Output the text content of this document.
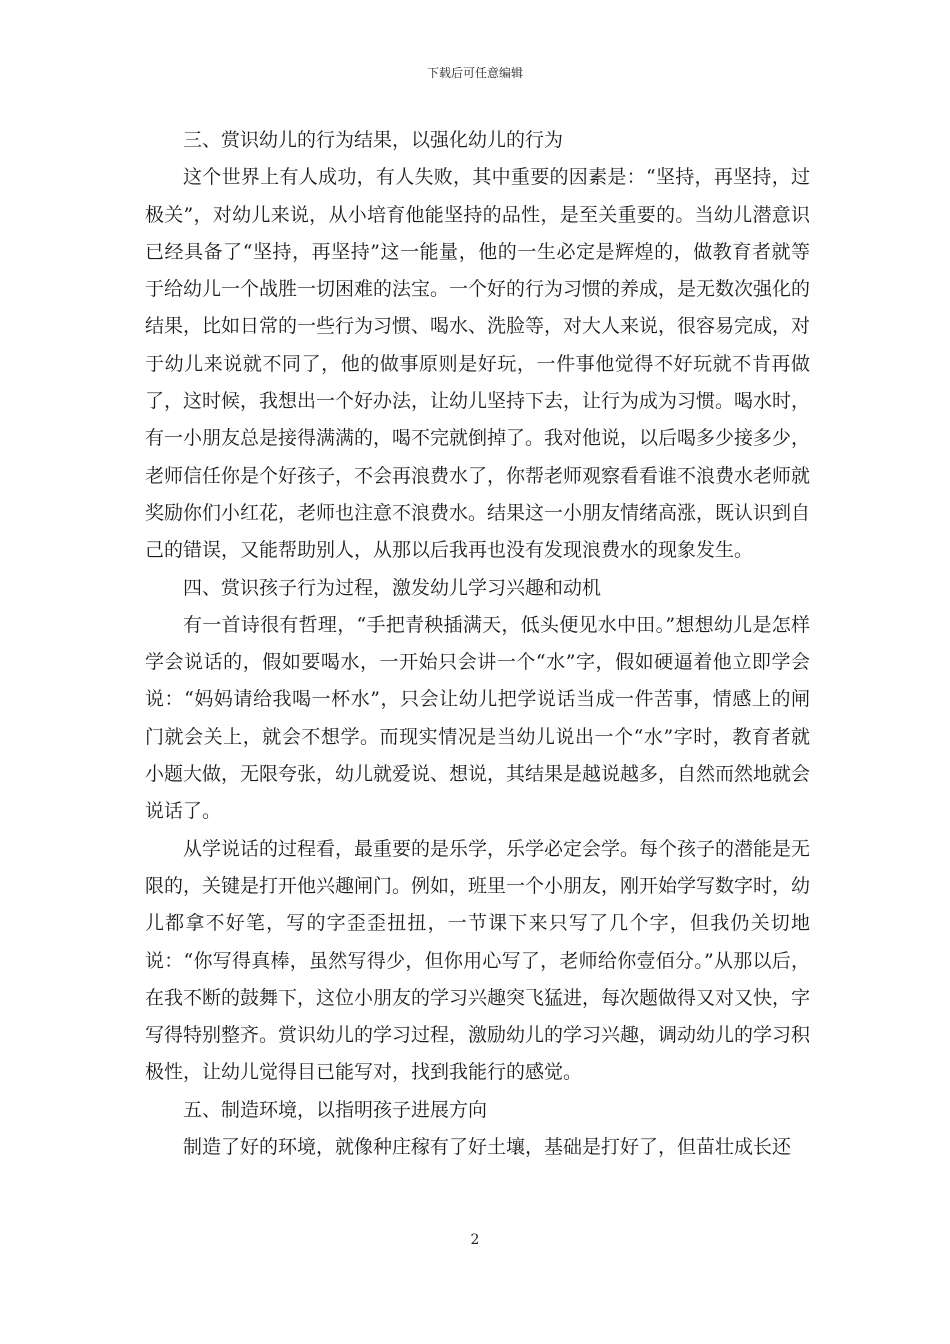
下载后可任意编辑

三、赏识幼儿的行为结果，以强化幼儿的行为

这个世界上有人成功，有人失败，其中重要的因素是：“坚持，再坚持，过极关”，对幼儿来说，从小培育他能坚持的品性，是至关重要的。当幼儿潜意识已经具备了“坚持，再坚持”这一能量，他的一生必定是辉煌的，做教育者就等于给幼儿一个战胜一切困难的法宝。一个好的行为习惯的养成，是无数次强化的结果，比如日常的一些行为习惯、喝水、洗脸等，对大人来说，很容易完成，对于幼儿来说就不同了，他的做事原则是好玩，一件事他觉得不好玩就不肯再做了，这时候，我想出一个好办法，让幼儿坚持下去，让行为成为习惯。喝水时，有一小朋友总是接得满满的，喝不完就倒掉了。我对他说，以后喝多少接多少，老师信任你是个好孩子，不会再浪费水了，你帮老师观察看看谁不浪费水老师就奖励你们小红花，老师也注意不浪费水。结果这一小朋友情绪高涨，既认识到自己的错误，又能帮助别人，从那以后我再也没有发现浪费水的现象发生。

四、赏识孩子行为过程，激发幼儿学习兴趣和动机

有一首诗很有哲理，“手把青秧插满天，低头便见水中田。”想想幼儿是怎样学会说话的，假如要喝水，一开始只会讲一个“水”字，假如硬逼着他立即学会说：“妈妈请给我喝一杯水”，只会让幼儿把学说话当成一件苦事，情感上的闸门就会关上，就会不想学。而现实情况是当幼儿说出一个“水”字时，教育者就小题大做，无限夸张，幼儿就爱说、想说，其结果是越说越多，自然而然地就会说话了。

从学说话的过程看，最重要的是乐学，乐学必定会学。每个孩子的潜能是无限的，关键是打开他兴趣闸门。例如，班里一个小朋友，刚开始学写数字时，幼儿都拿不好笔，写的字歪歪扭扭，一节课下来只写了几个字，但我仍关切地说：“你写得真棒，虽然写得少，但你用心写了，老师给你壹佰分。”从那以后，在我不断的鼓舞下，这位小朋友的学习兴趣突飞猛进，每次题做得又对又快，字写得特别整齐。赏识幼儿的学习过程，激励幼儿的学习兴趣，调动幼儿的学习积极性，让幼儿觉得目已能写对，找到我能行的感觉。

五、制造环境，以指明孩子进展方向

制造了好的环境，就像种庄稼有了好土壤，基础是打好了，但苗壮成长还

2
